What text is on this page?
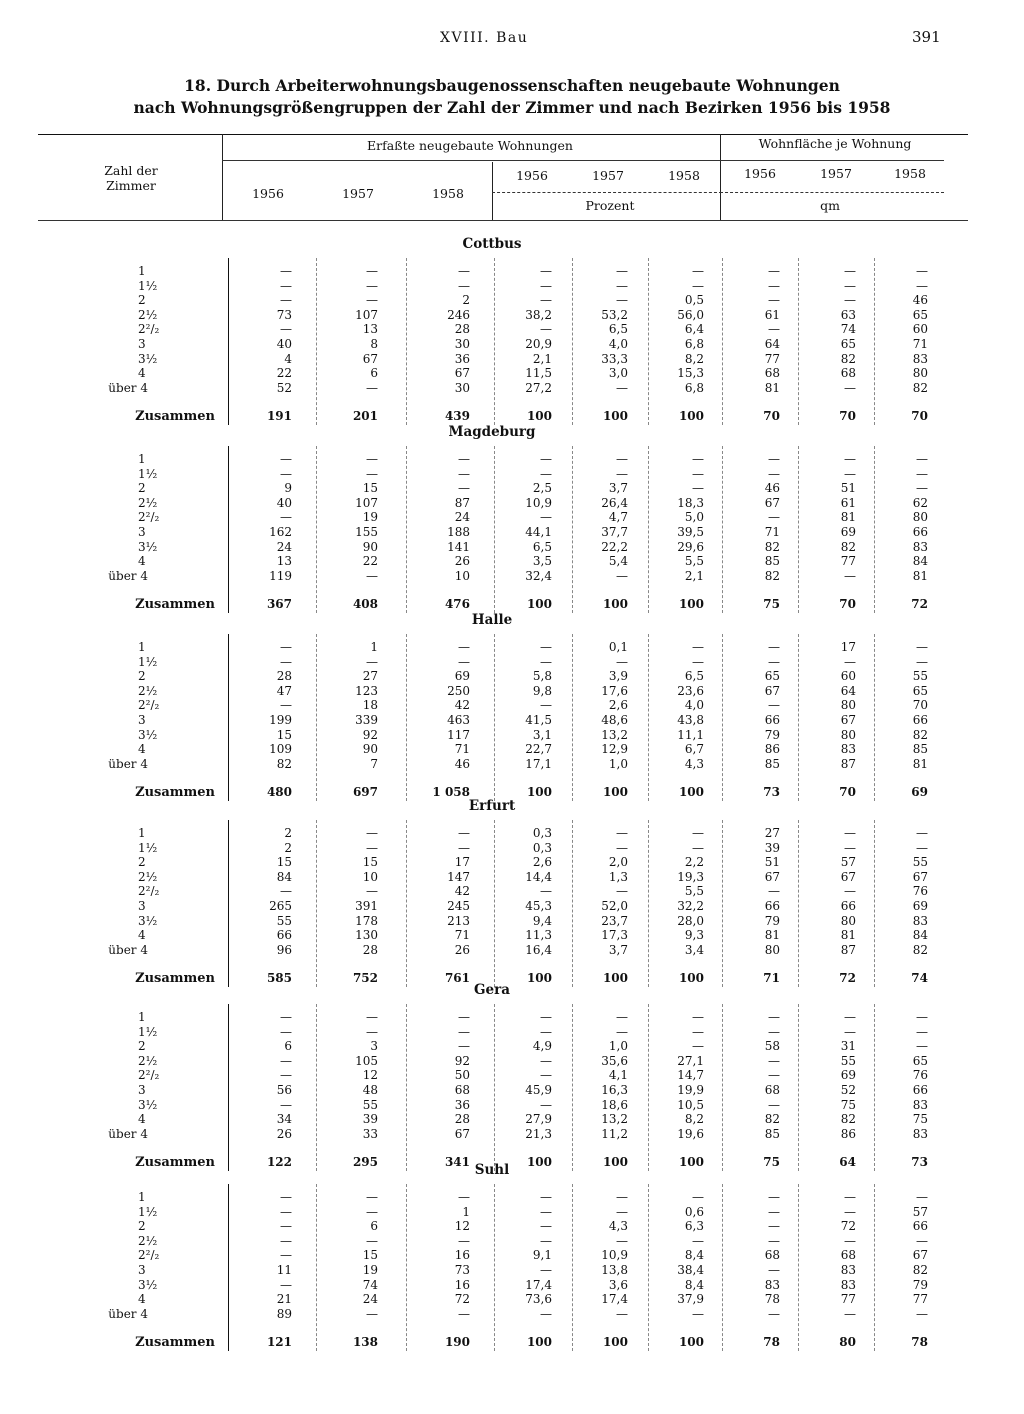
XVIII. Bau	391
18. Durch Arbeiterwohnungsbaugenossenschaften neugebaute Wohnungen
nach Wohnungsgrößengruppen der Zahl der Zimmer und nach Bezirken 1956 bis 1958
Zahl der Zimmer
Erfaßte neugebaute Wohnungen	Wohnfläche je Wohnung
1956	1957	1958
1956	1957	1958	1956	1957	1958
Prozent	qm
Cottbus
1	—	—	—	—	—	—	—	—	—
1½	—	—	—	—	—	—	—	—	—
2	—	—	2	—	—	0,5	—	—	46
2½	73	107	246	38,2	53,2	56,0	61	63	65
2²/₂	—	13	28	—	6,5	6,4	—	74	60
3	40	8	30	20,9	4,0	6,8	64	65	71
3½	4	67	36	2,1	33,3	8,2	77	82	83
4	22	6	67	11,5	3,0	15,3	68	68	80
über 4	52	—	30	27,2	—	6,8	81	—	82
Zusammen	191	201	439	100	100	100	70	70	70
Magdeburg
1	—	—	—	—	—	—	—	—	—
1½	—	—	—	—	—	—	—	—	—
2	9	15	—	2,5	3,7	—	46	51	—
2½	40	107	87	10,9	26,4	18,3	67	61	62
2²/₂	—	19	24	—	4,7	5,0	—	81	80
3	162	155	188	44,1	37,7	39,5	71	69	66
3½	24	90	141	6,5	22,2	29,6	82	82	83
4	13	22	26	3,5	5,4	5,5	85	77	84
über 4	119	—	10	32,4	—	2,1	82	—	81
Zusammen	367	408	476	100	100	100	75	70	72
Halle
1	—	1	—	—	0,1	—	—	17	—
1½	—	—	—	—	—	—	—	—	—
2	28	27	69	5,8	3,9	6,5	65	60	55
2½	47	123	250	9,8	17,6	23,6	67	64	65
2²/₂	—	18	42	—	2,6	4,0	—	80	70
3	199	339	463	41,5	48,6	43,8	66	67	66
3½	15	92	117	3,1	13,2	11,1	79	80	82
4	109	90	71	22,7	12,9	6,7	86	83	85
über 4	82	7	46	17,1	1,0	4,3	85	87	81
Zusammen	480	697	1 058	100	100	100	73	70	69
Erfurt
1	2	—	—	0,3	—	—	27	—	—
1½	2	—	—	0,3	—	—	39	—	—
2	15	15	17	2,6	2,0	2,2	51	57	55
2½	84	10	147	14,4	1,3	19,3	67	67	67
2²/₂	—	—	42	—	—	5,5	—	—	76
3	265	391	245	45,3	52,0	32,2	66	66	69
3½	55	178	213	9,4	23,7	28,0	79	80	83
4	66	130	71	11,3	17,3	9,3	81	81	84
über 4	96	28	26	16,4	3,7	3,4	80	87	82
Zusammen	585	752	761	100	100	100	71	72	74
Gera
1	—	—	—	—	—	—	—	—	—
1½	—	—	—	—	—	—	—	—	—
2	6	3	—	4,9	1,0	—	58	31	—
2½	—	105	92	—	35,6	27,1	—	55	65
2²/₂	—	12	50	—	4,1	14,7	—	69	76
3	56	48	68	45,9	16,3	19,9	68	52	66
3½	—	55	36	—	18,6	10,5	—	75	83
4	34	39	28	27,9	13,2	8,2	82	82	75
über 4	26	33	67	21,3	11,2	19,6	85	86	83
Zusammen	122	295	341	100	100	100	75	64	73
Suhl
1	—	—	—	—	—	—	—	—	—
1½	—	—	1	—	—	0,6	—	—	57
2	—	6	12	—	4,3	6,3	—	72	66
2½	—	—	—	—	—	—	—	—	—
2²/₂	—	15	16	9,1	10,9	8,4	68	68	67
3	11	19	73	—	13,8	38,4	—	83	82
3½	—	74	16	17,4	3,6	8,4	83	83	79
4	21	24	72	73,6	17,4	37,9	78	77	77
über 4	89	—	—	—	—	—	—	—	—
Zusammen	121	138	190	100	100	100	78	80	78
